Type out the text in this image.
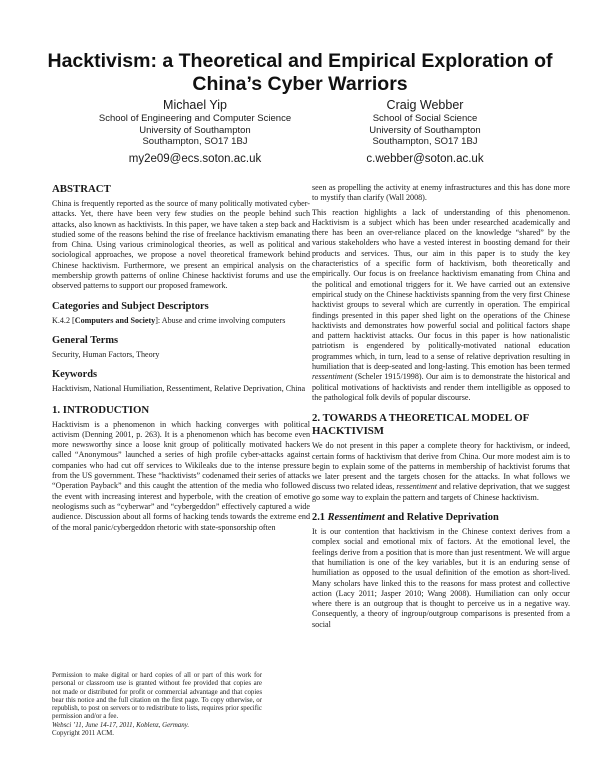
Hacktivism: a Theoretical and Empirical Exploration of China’s Cyber Warriors
Michael Yip
School of Engineering and Computer Science
University of Southampton
Southampton, SO17 1BJ
my2e09@ecs.soton.ac.uk
Craig Webber
School of Social Science
University of Southampton
Southampton, SO17 1BJ
c.webber@soton.ac.uk
ABSTRACT

China is frequently reported as the source of many politically motivated cyber-attacks. Yet, there have been very few studies on the people behind such attacks, also known as hacktivists. In this paper, we have taken a step back and studied some of the reasons behind the rise of freelance hacktivism emanating from China. Using various criminological theories, as well as political and sociological approaches, we propose a novel theoretical framework behind Chinese hacktivism. Furthermore, we present an empirical analysis on the membership growth patterns of online Chinese hacktivist forums and use the observed patterns to support our proposed framework.

Categories and Subject Descriptors

K.4.2 [Computers and Society]: Abuse and crime involving computers

General Terms

Security, Human Factors, Theory

Keywords

Hacktivism, National Humiliation, Ressentiment, Relative Deprivation, China

1. INTRODUCTION

Hacktivism is a phenomenon in which hacking converges with political activism (Denning 2001, p. 263). It is a phenomenon which has become even more newsworthy since a loose knit group of politically motivated hackers called “Anonymous” launched a series of high profile cyber-attacks against companies who had cut off services to Wikileaks due to the intense pressure from the US government. These “hacktivists” codenamed their series of attacks “Operation Payback” and this caught the attention of the media who followed the event with increasing interest and hyperbole, with the creation of emotive neologisms such as “cyberwar” and “cybergeddon” effectively captured a wide audience. Discussion about all forms of hacking tends towards the extreme end of the moral panic/cybergeddon rhetoric with state-sponsorship often

Permission to make digital or hard copies of all or part of this work for personal or classroom use is granted without fee provided that copies are not made or distributed for profit or commercial advantage and that copies bear this notice and the full citation on the first page. To copy otherwise, or republish, to post on servers or to redistribute to lists, requires prior specific permission and/or a fee.

Websci ’11, June 14-17, 2011, Koblenz, Germany.

Copyright 2011 ACM.

seen as propelling the activity at enemy infrastructures and this has done more to mystify than clarify (Wall 2008).

This reaction highlights a lack of understanding of this phenomenon. Hacktivism is a subject which has been under researched academically and there has been an over-reliance placed on the knowledge “shared” by the various stakeholders who have a vested interest in boosting demand for their products and services. Thus, our aim in this paper is to study the key characteristics of a specific form of hacktivism, both theoretically and empirically. Our focus is on freelance hacktivism emanating from China and the political and emotional triggers for it. We have carried out an extensive empirical study on the Chinese hacktivists spanning from the very first Chinese hacktivist groups to several which are currently in operation. The empirical findings presented in this paper shed light on the operations of the Chinese hacktivists and demonstrates how powerful social and political factors shape and pattern hacktivist attacks. Our focus in this paper is how nationalistic patriotism is engendered by politically-motivated national education programmes which, in turn, lead to a sense of relative deprivation resulting in humiliation that is deep-seated and long-lasting. This emotion has been termed ressentiment (Scheler 1915/1998). Our aim is to demonstrate the historical and political motivations of hacktivists and render them intelligible as opposed to the pathological folk devils of popular discourse.

2. TOWARDS A THEORETICAL MODEL OF HACKTIVISM

We do not present in this paper a complete theory for hacktivism, or indeed, certain forms of hacktivism that derive from China. Our more modest aim is to begin to explain some of the patterns in membership of hacktivist forums that we later present and the targets chosen for the attacks. In what follows we discuss two related ideas, ressentiment and relative deprivation, that we suggest go some way to explain the pattern and targets of Chinese hacktivism.

2.1 Ressentiment and Relative Deprivation

It is our contention that hacktivism in the Chinese context derives from a complex social and emotional mix of factors. At the emotional level, the feelings derive from a position that is more than just resentment. We will argue that humiliation is one of the key variables, but it is an enduring sense of humiliation as opposed to the usual definition of the emotion as short-lived. Many scholars have linked this to the reasons for mass protest and collective action (Lacy 2011; Jasper 2010; Wang 2008). Humiliation can only occur where there is an outgroup that is thought to perceive us in a negative way. Consequently, a theory of ingroup/outgroup comparisons is presented from a social
